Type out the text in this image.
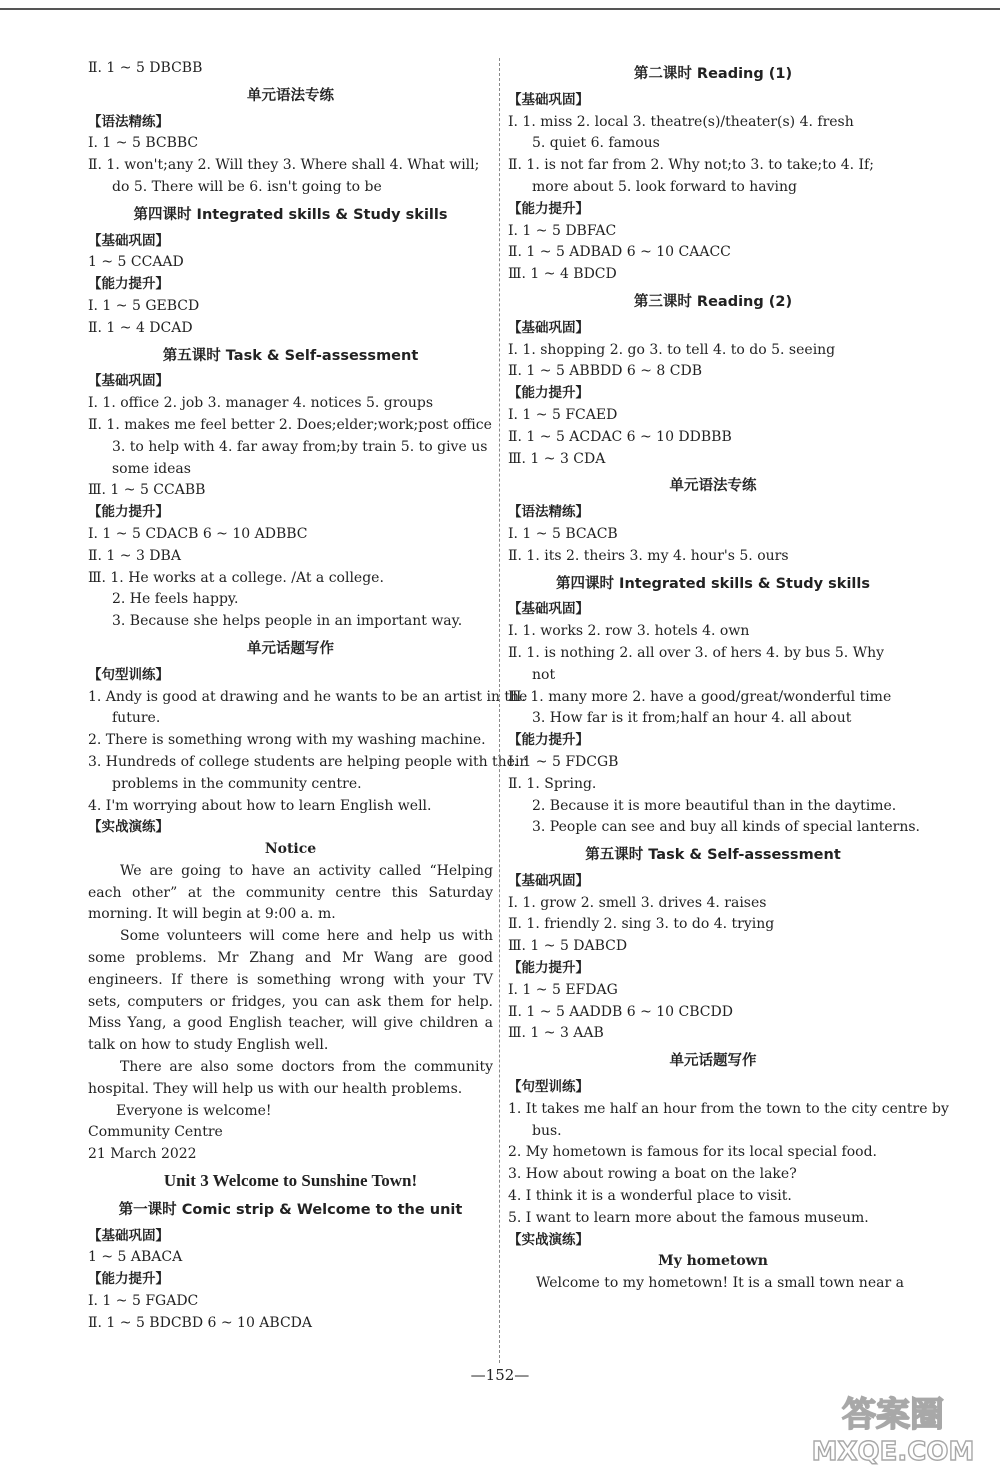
Ⅱ. 1 ~ 5 DBCBB
单元语法专练
【语法精练】
Ⅰ. 1 ~ 5 BCBBC
Ⅱ. 1. won't;any 2. Will they 3. Where shall 4. What will;
do 5. There will be 6. isn't going to be
第四课时 Integrated skills & Study skills
【基础巩固】
1 ~ 5 CCAAD
【能力提升】
Ⅰ. 1 ~ 5 GEBCD
Ⅱ. 1 ~ 4 DCAD
第五课时 Task & Self-assessment
【基础巩固】
Ⅰ. 1. office 2. job 3. manager 4. notices 5. groups
Ⅱ. 1. makes me feel better 2. Does;elder;work;post office
3. to help with 4. far away from;by train 5. to give us
some ideas
Ⅲ. 1 ~ 5 CCABB
【能力提升】
Ⅰ. 1 ~ 5 CDACB 6 ~ 10 ADBBC
Ⅱ. 1 ~ 3 DBA
Ⅲ. 1. He works at a college. /At a college.
2. He feels happy.
3. Because she helps people in an important way.
单元话题写作
【句型训练】
1. Andy is good at drawing and he wants to be an artist in the
future.
2. There is something wrong with my washing machine.
3. Hundreds of college students are helping people with their
problems in the community centre.
4. I'm worrying about how to learn English well.
【实战演练】
Notice
We are going to have an activity called “Helping each other” at the community centre this Saturday morning. It will begin at 9:00 a. m.
Some volunteers will come here and help us with some problems. Mr Zhang and Mr Wang are good engineers. If there is something wrong with your TV sets, computers or fridges, you can ask them for help. Miss Yang, a good English teacher, will give children a talk on how to study English well.
There are also some doctors from the community hospital. They will help us with our health problems.
Everyone is welcome!
Community Centre
21 March 2022
Unit 3 Welcome to Sunshine Town!
第一课时 Comic strip & Welcome to the unit
【基础巩固】
1 ~ 5 ABACA
【能力提升】
Ⅰ. 1 ~ 5 FGADC
Ⅱ. 1 ~ 5 BDCBD 6 ~ 10 ABCDA
第二课时 Reading (1)
【基础巩固】
Ⅰ. 1. miss 2. local 3. theatre(s)/theater(s) 4. fresh
5. quiet 6. famous
Ⅱ. 1. is not far from 2. Why not;to 3. to take;to 4. If;
more about 5. look forward to having
【能力提升】
Ⅰ. 1 ~ 5 DBFAC
Ⅱ. 1 ~ 5 ADBAD 6 ~ 10 CAACC
Ⅲ. 1 ~ 4 BDCD
第三课时 Reading (2)
【基础巩固】
Ⅰ. 1. shopping 2. go 3. to tell 4. to do 5. seeing
Ⅱ. 1 ~ 5 ABBDD 6 ~ 8 CDB
【能力提升】
Ⅰ. 1 ~ 5 FCAED
Ⅱ. 1 ~ 5 ACDAC 6 ~ 10 DDBBB
Ⅲ. 1 ~ 3 CDA
单元语法专练
【语法精练】
Ⅰ. 1 ~ 5 BCACB
Ⅱ. 1. its 2. theirs 3. my 4. hour's 5. ours
第四课时 Integrated skills & Study skills
【基础巩固】
Ⅰ. 1. works 2. row 3. hotels 4. own
Ⅱ. 1. is nothing 2. all over 3. of hers 4. by bus 5. Why
not
Ⅲ. 1. many more 2. have a good/great/wonderful time
3. How far is it from;half an hour 4. all about
【能力提升】
Ⅰ. 1 ~ 5 FDCGB
Ⅱ. 1. Spring.
2. Because it is more beautiful than in the daytime.
3. People can see and buy all kinds of special lanterns.
第五课时 Task & Self-assessment
【基础巩固】
Ⅰ. 1. grow 2. smell 3. drives 4. raises
Ⅱ. 1. friendly 2. sing 3. to do 4. trying
Ⅲ. 1 ~ 5 DABCD
【能力提升】
Ⅰ. 1 ~ 5 EFDAG
Ⅱ. 1 ~ 5 AADDB 6 ~ 10 CBCDD
Ⅲ. 1 ~ 3 AAB
单元话题写作
【句型训练】
1. It takes me half an hour from the town to the city centre by
bus.
2. My hometown is famous for its local special food.
3. How about rowing a boat on the lake?
4. I think it is a wonderful place to visit.
5. I want to learn more about the famous museum.
【实战演练】
My hometown
Welcome to my hometown! It is a small town near a
—152—
答案圈
MXQE.COM
